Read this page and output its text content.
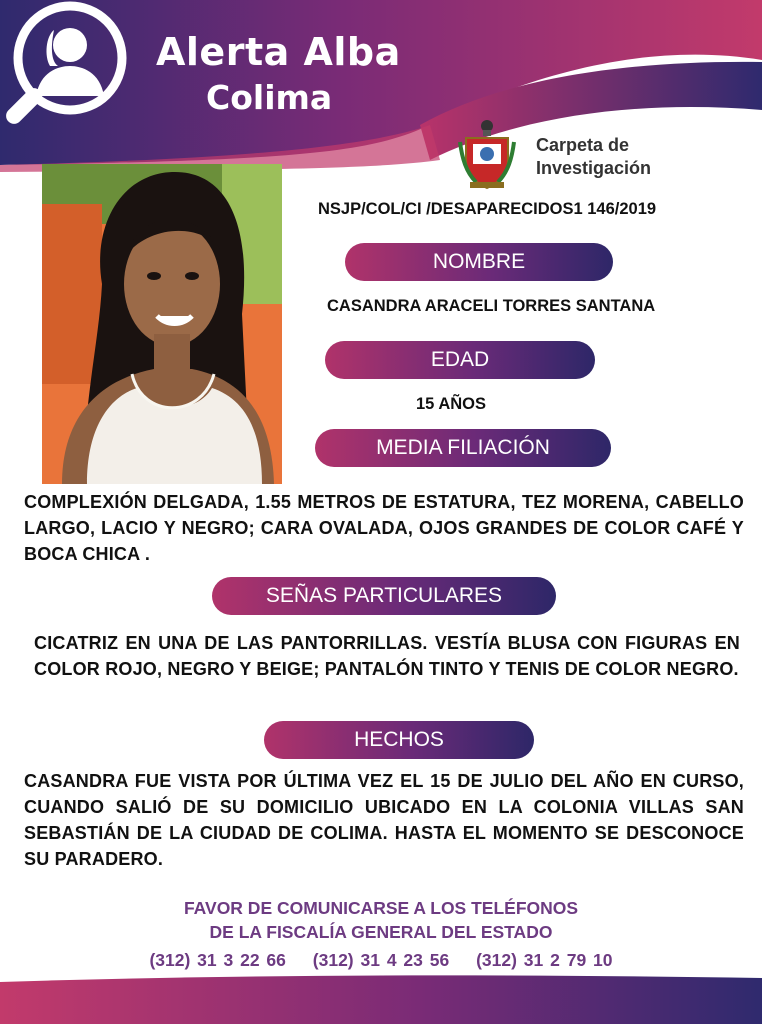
Alerta Alba
Colima
Carpeta de
Investigación
NSJP/COL/CI /DESAPARECIDOS1 146/2019
NOMBRE
CASANDRA ARACELI TORRES SANTANA
EDAD
15 AÑOS
MEDIA FILIACIÓN
COMPLEXIÓN DELGADA, 1.55 METROS DE ESTATURA, TEZ MORENA, CABELLO LARGO, LACIO Y NEGRO; CARA OVALADA, OJOS GRANDES DE COLOR CAFÉ Y BOCA CHICA .
SEÑAS PARTICULARES
CICATRIZ EN UNA DE LAS PANTORRILLAS. VESTÍA BLUSA CON FIGURAS EN COLOR ROJO, NEGRO Y BEIGE; PANTALÓN TINTO Y TENIS DE COLOR NEGRO.
HECHOS
CASANDRA FUE VISTA POR ÚLTIMA VEZ EL 15 DE JULIO DEL AÑO EN CURSO, CUANDO SALIÓ DE SU DOMICILIO UBICADO EN LA COLONIA VILLAS SAN SEBASTIÁN DE LA CIUDAD DE COLIMA. HASTA EL MOMENTO SE DESCONOCE SU PARADERO.
FAVOR DE COMUNICARSE A LOS TELÉFONOS
DE LA FISCALÍA GENERAL DEL ESTADO
(312) 31 3 22 66 (312) 31 4 23 56 (312) 31 2 79 10
